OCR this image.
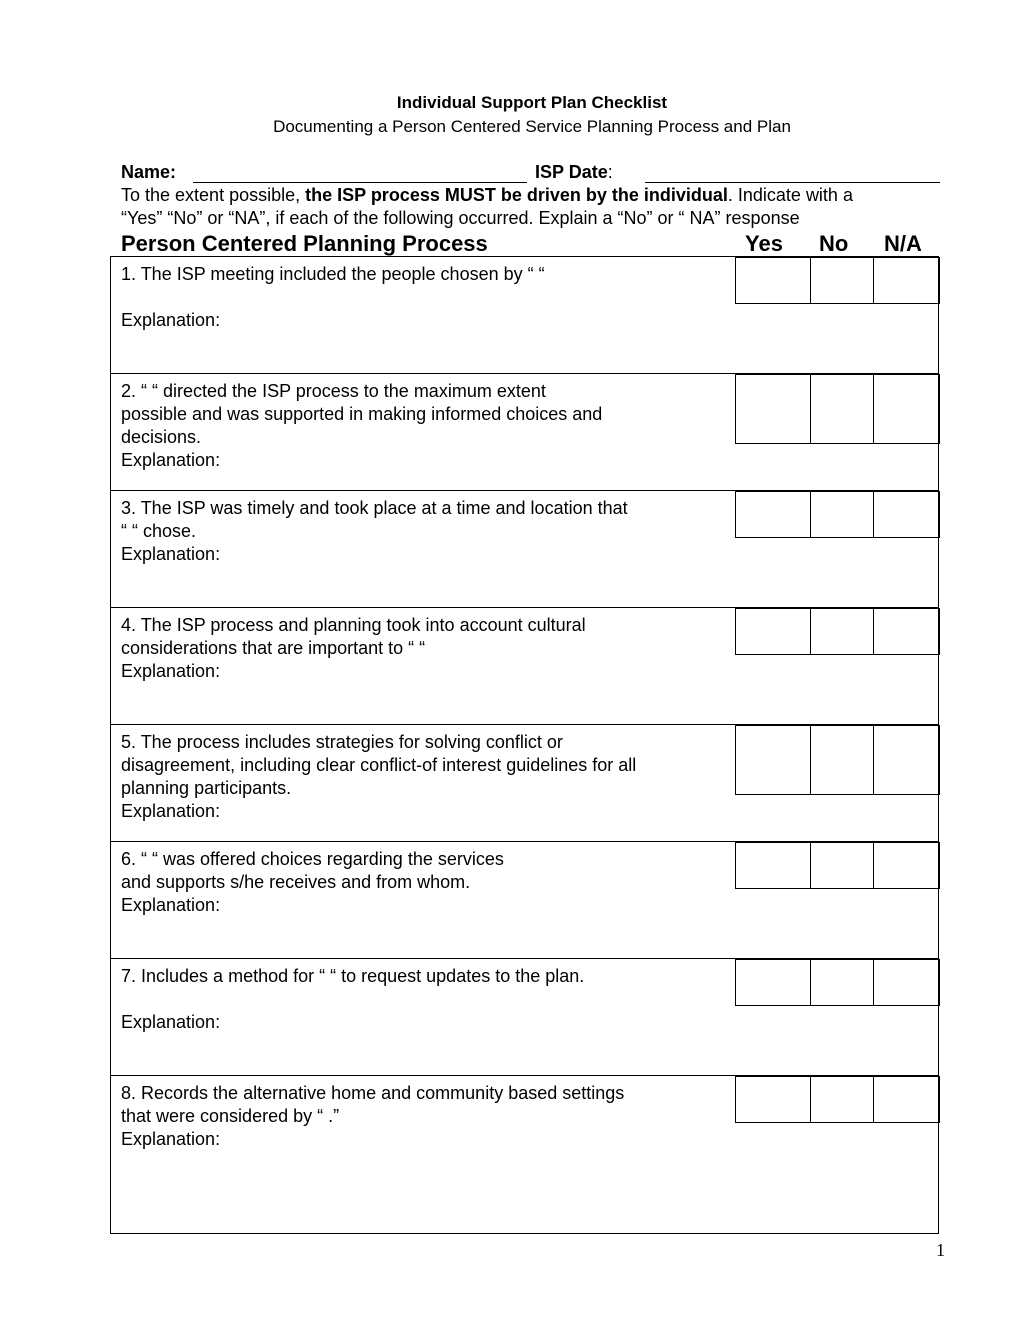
Individual Support Plan Checklist
Documenting a Person Centered Service Planning Process and Plan
Name:	ISP Date:
To the extent possible, the ISP process MUST be driven by the individual. Indicate with a
“Yes” “No” or “NA”, if each of the following occurred. Explain a “No” or “ NA” response
Person Centered Planning Process	Yes No N/A
1. The ISP meeting included the people chosen by “ “
Explanation:
2. “ “ directed the ISP process to the maximum extent
possible and was supported in making informed choices and
decisions.
Explanation:
3. The ISP was timely and took place at a time and location that
“ “ chose.
Explanation:
4. The ISP process and planning took into account cultural
considerations that are important to “ “
Explanation:
5. The process includes strategies for solving conflict or
disagreement, including clear conflict-of interest guidelines for all
planning participants.
Explanation:
6. “ “ was offered choices regarding the services
and supports s/he receives and from whom.
Explanation:
7. Includes a method for “ “ to request updates to the plan.
Explanation:
8. Records the alternative home and community based settings
that were considered by “ .”
Explanation:
1
